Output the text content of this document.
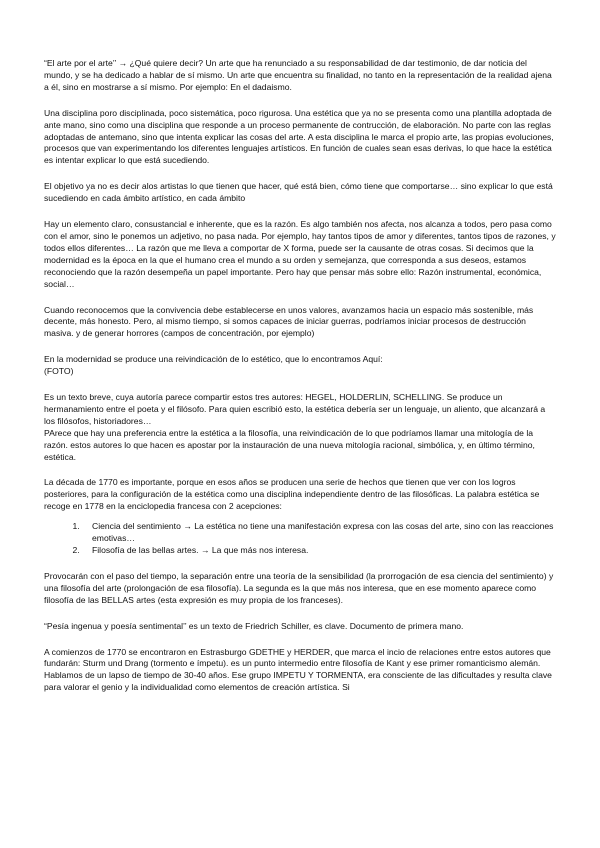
“El arte por el arte’’ → ¿Qué quiere decir? Un arte que ha renunciado a su responsabilidad de dar testimonio, de dar noticia del mundo, y se ha dedicado a hablar de sí mismo. Un arte que encuentra su finalidad, no tanto en la representación de la realidad ajena a él, sino en mostrarse a sí mismo. Por ejemplo: En el dadaismo.

Una disciplina poro disciplinada, poco sistemática, poco rigurosa. Una estética que ya no se presenta como una plantilla adoptada de ante mano, sino como una disciplina que responde a un proceso permanente de contrucción, de elaboración. No parte con las reglas adoptadas de antemano, sino que intenta explicar las cosas del arte. A esta disciplina le marca el propio arte, las propias evoluciones, procesos que van experimentando los diferentes lenguajes artísticos. En función de cuales sean esas derivas, lo que hace la estética es intentar explicar lo que está sucediendo.

El objetivo ya no es decir alos artistas lo que tienen que hacer, qué está bien, cómo tiene que comportarse… sino explicar lo que está sucediendo en cada ámbito artístico, en cada ámbito

Hay un elemento claro, consustancial e inherente, que es la razón. Es algo también nos afecta, nos alcanza a todos, pero pasa como con el amor, sino le ponemos un adjetivo, no pasa nada. Por ejemplo, hay tantos tipos de amor y diferentes, tantos tipos de razones, y todos ellos diferentes… La razón que me lleva a comportar de X forma, puede ser la causante de otras cosas. Si decimos que la modernidad es la época en la que el humano crea el mundo a su orden y semejanza, que corresponda a sus deseos, estamos reconociendo que la razón desempeña un papel importante. Pero hay que pensar más sobre ello: Razón instrumental, económica, social…

Cuando reconocemos que la convivencia debe establecerse en unos valores, avanzamos hacia un espacio más sostenible, más decente, más honesto. Pero, al mismo tiempo, si somos capaces de iniciar guerras, podríamos iniciar procesos de destrucción masiva. y de generar horrores (campos de concentración, por ejemplo)

En la modernidad se produce una reivindicación de lo estético, que lo encontramos Aquí:

(FOTO)

Es un texto breve, cuya autoría parece compartir estos tres autores: HEGEL, HOLDERLIN, SCHELLING. Se produce un hermanamiento entre el poeta y el filósofo. Para quien escribió esto, la estética debería ser un lenguaje, un aliento, que alcanzará a los filósofos, historiadores…

PArece que hay una preferencia entre la estética a la filosofía, una reivindicación de lo que podríamos llamar una mitología de la razón. estos autores lo que hacen es apostar por la instauración de una nueva mitología racional, simbólica, y, en último término, estética.

La década de 1770 es importante, porque en esos años se producen una serie de hechos que tienen que ver con los logros posteriores, para la configuración de la estética como una disciplina independiente dentro de las filosóficas. La palabra estética se recoge en 1778 en la enciclopedia francesa con 2 acepciones:

1. Ciencia del sentimiento → La estética no tiene una manifestación expresa con las cosas del arte, sino con las reacciones emotivas…
2. Filosofía de las bellas artes. → La que más nos interesa.

Provocarán con el paso del tiempo, la separación entre una teoría de la sensibilidad (la prorrogación de esa ciencia del sentimiento) y una filosofía del arte (prolongación de esa filosofía). La segunda es la que más nos interesa, que en ese momento aparece como filosofía de las BELLAS artes (esta expresión es muy propia de los franceses).

“Pesía ingenua y poesía sentimental’’ es un texto de Friedrich Schiller, es clave. Documento de primera mano.

A comienzos de 1770 se encontraron en Estrasburgo GDETHE y HERDER, que marca el incio de relaciones entre estos autores que fundarán: Sturm und Drang (tormento e ímpetu). es un punto intermedio entre filosofía de Kant y ese primer romanticismo alemán.

Hablamos de un lapso de tiempo de 30-40 años. Ese grupo IMPETU Y TORMENTA, era consciente de las dificultades y resulta clave para valorar el genio y la individualidad como elementos de creación artística. Si
